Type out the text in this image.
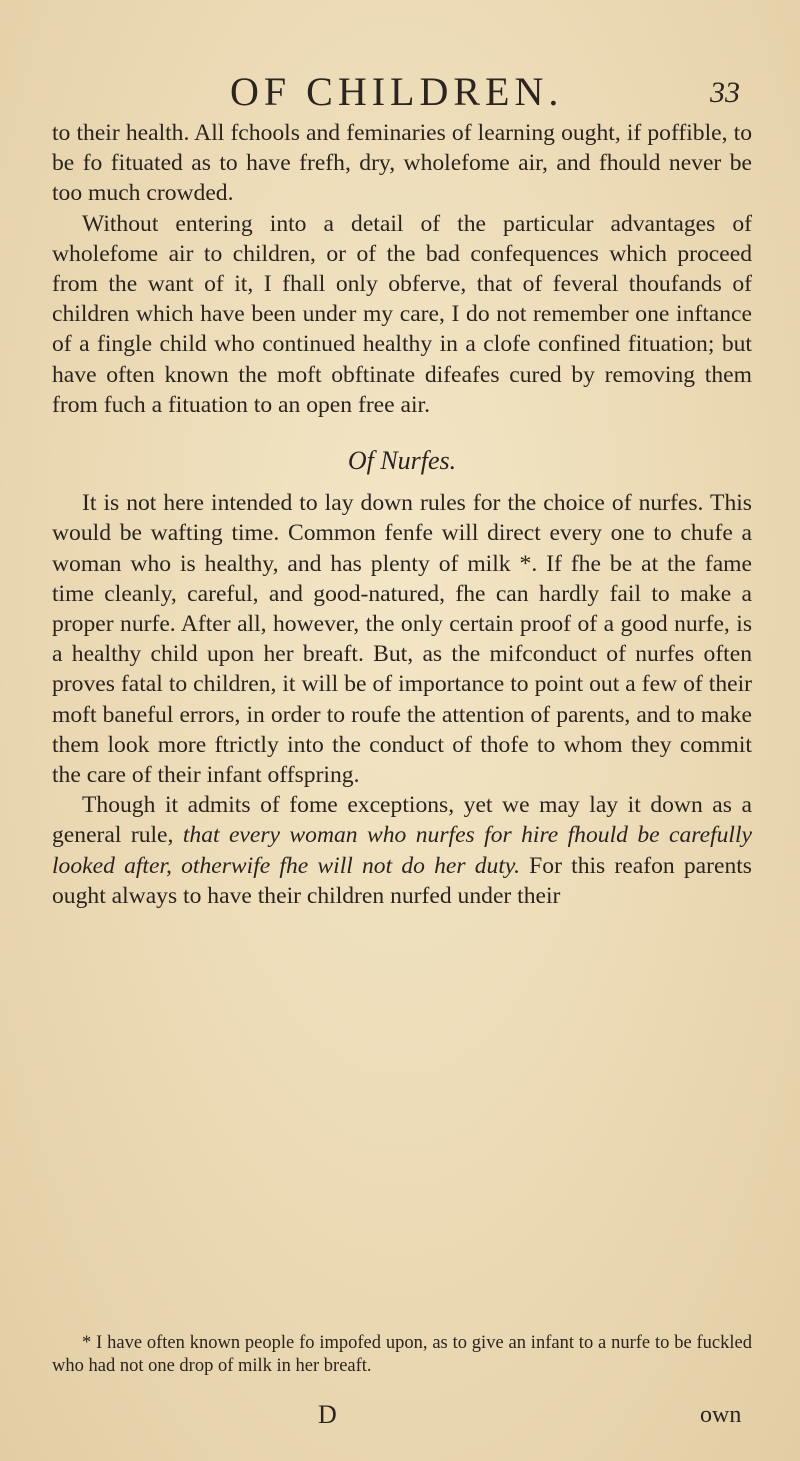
OF CHILDREN.	33

to their health. All fchools and feminaries of learning ought, if poffible, to be fo fituated as to have frefh, dry, wholefome air, and fhould never be too much crowded.

Without entering into a detail of the particular advantages of wholefome air to children, or of the bad confequences which proceed from the want of it, I fhall only obferve, that of feveral thoufands of children which have been under my care, I do not remember one inftance of a fingle child who continued healthy in a clofe confined fituation; but have often known the moft obftinate difeafes cured by removing them from fuch a fituation to an open free air.

Of Nurfes.

It is not here intended to lay down rules for the choice of nurfes. This would be wafting time. Common fenfe will direct every one to chufe a woman who is healthy, and has plenty of milk *. If fhe be at the fame time cleanly, careful, and good-natured, fhe can hardly fail to make a proper nurfe. After all, however, the only certain proof of a good nurfe, is a healthy child upon her breaft. But, as the mifconduct of nurfes often proves fatal to children, it will be of importance to point out a few of their moft baneful errors, in order to roufe the attention of parents, and to make them look more ftrictly into the conduct of thofe to whom they commit the care of their infant offspring.

Though it admits of fome exceptions, yet we may lay it down as a general rule, that every woman who nurfes for hire fhould be carefully looked after, otherwife fhe will not do her duty. For this reafon parents ought always to have their children nurfed under their

* I have often known people fo impofed upon, as to give an infant to a nurfe to be fuckled who had not one drop of milk in her breaft.

D	own
